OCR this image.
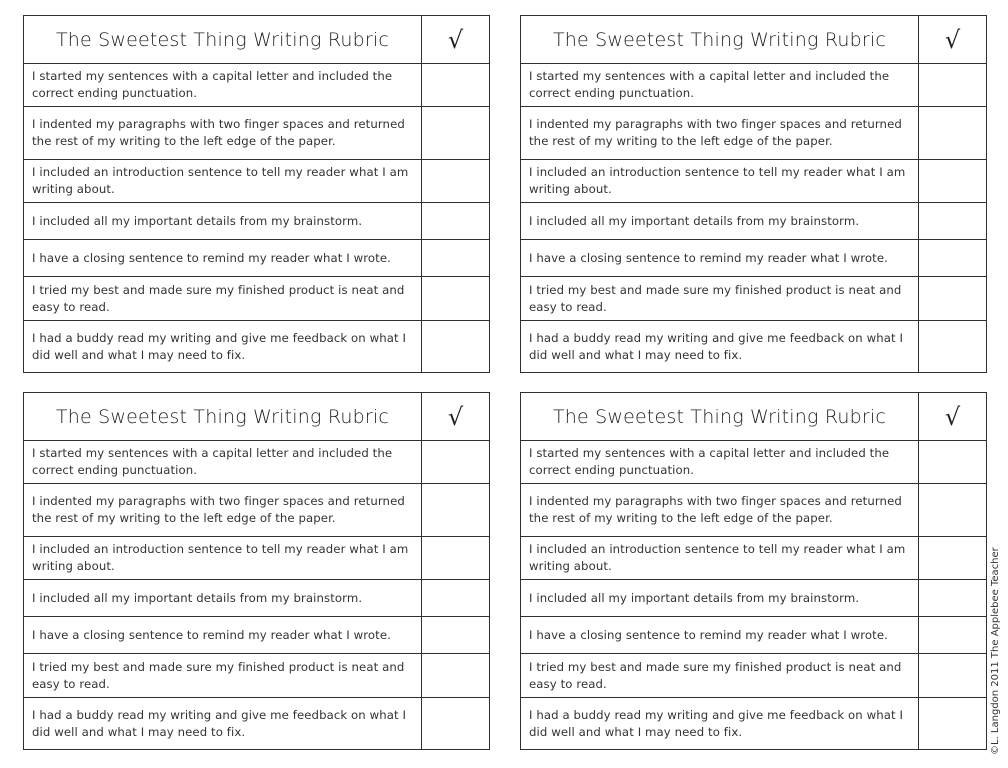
The Sweetest Thing Writing Rubric	√
I started my sentences with a capital letter and included the correct ending punctuation.	
I indented my paragraphs with two finger spaces and returned the rest of my writing to the left edge of the paper.	
I included an introduction sentence to tell my reader what I am writing about.	
I included all my important details from my brainstorm.	
I have a closing sentence to remind my reader what I wrote.	
I tried my best and made sure my finished product is neat and easy to read.	
I had a buddy read my writing and give me feedback on what I did well and what I may need to fix.	
The Sweetest Thing Writing Rubric	√
I started my sentences with a capital letter and included the correct ending punctuation.	
I indented my paragraphs with two finger spaces and returned the rest of my writing to the left edge of the paper.	
I included an introduction sentence to tell my reader what I am writing about.	
I included all my important details from my brainstorm.	
I have a closing sentence to remind my reader what I wrote.	
I tried my best and made sure my finished product is neat and easy to read.	
I had a buddy read my writing and give me feedback on what I did well and what I may need to fix.	
The Sweetest Thing Writing Rubric	√
I started my sentences with a capital letter and included the correct ending punctuation.	
I indented my paragraphs with two finger spaces and returned the rest of my writing to the left edge of the paper.	
I included an introduction sentence to tell my reader what I am writing about.	
I included all my important details from my brainstorm.	
I have a closing sentence to remind my reader what I wrote.	
I tried my best and made sure my finished product is neat and easy to read.	
I had a buddy read my writing and give me feedback on what I did well and what I may need to fix.	
The Sweetest Thing Writing Rubric	√
I started my sentences with a capital letter and included the correct ending punctuation.	
I indented my paragraphs with two finger spaces and returned the rest of my writing to the left edge of the paper.	
I included an introduction sentence to tell my reader what I am writing about.	
I included all my important details from my brainstorm.	
I have a closing sentence to remind my reader what I wrote.	
I tried my best and made sure my finished product is neat and easy to read.	
I had a buddy read my writing and give me feedback on what I did well and what I may need to fix.		©L. Langdon 2011 The Applebee Teacher
